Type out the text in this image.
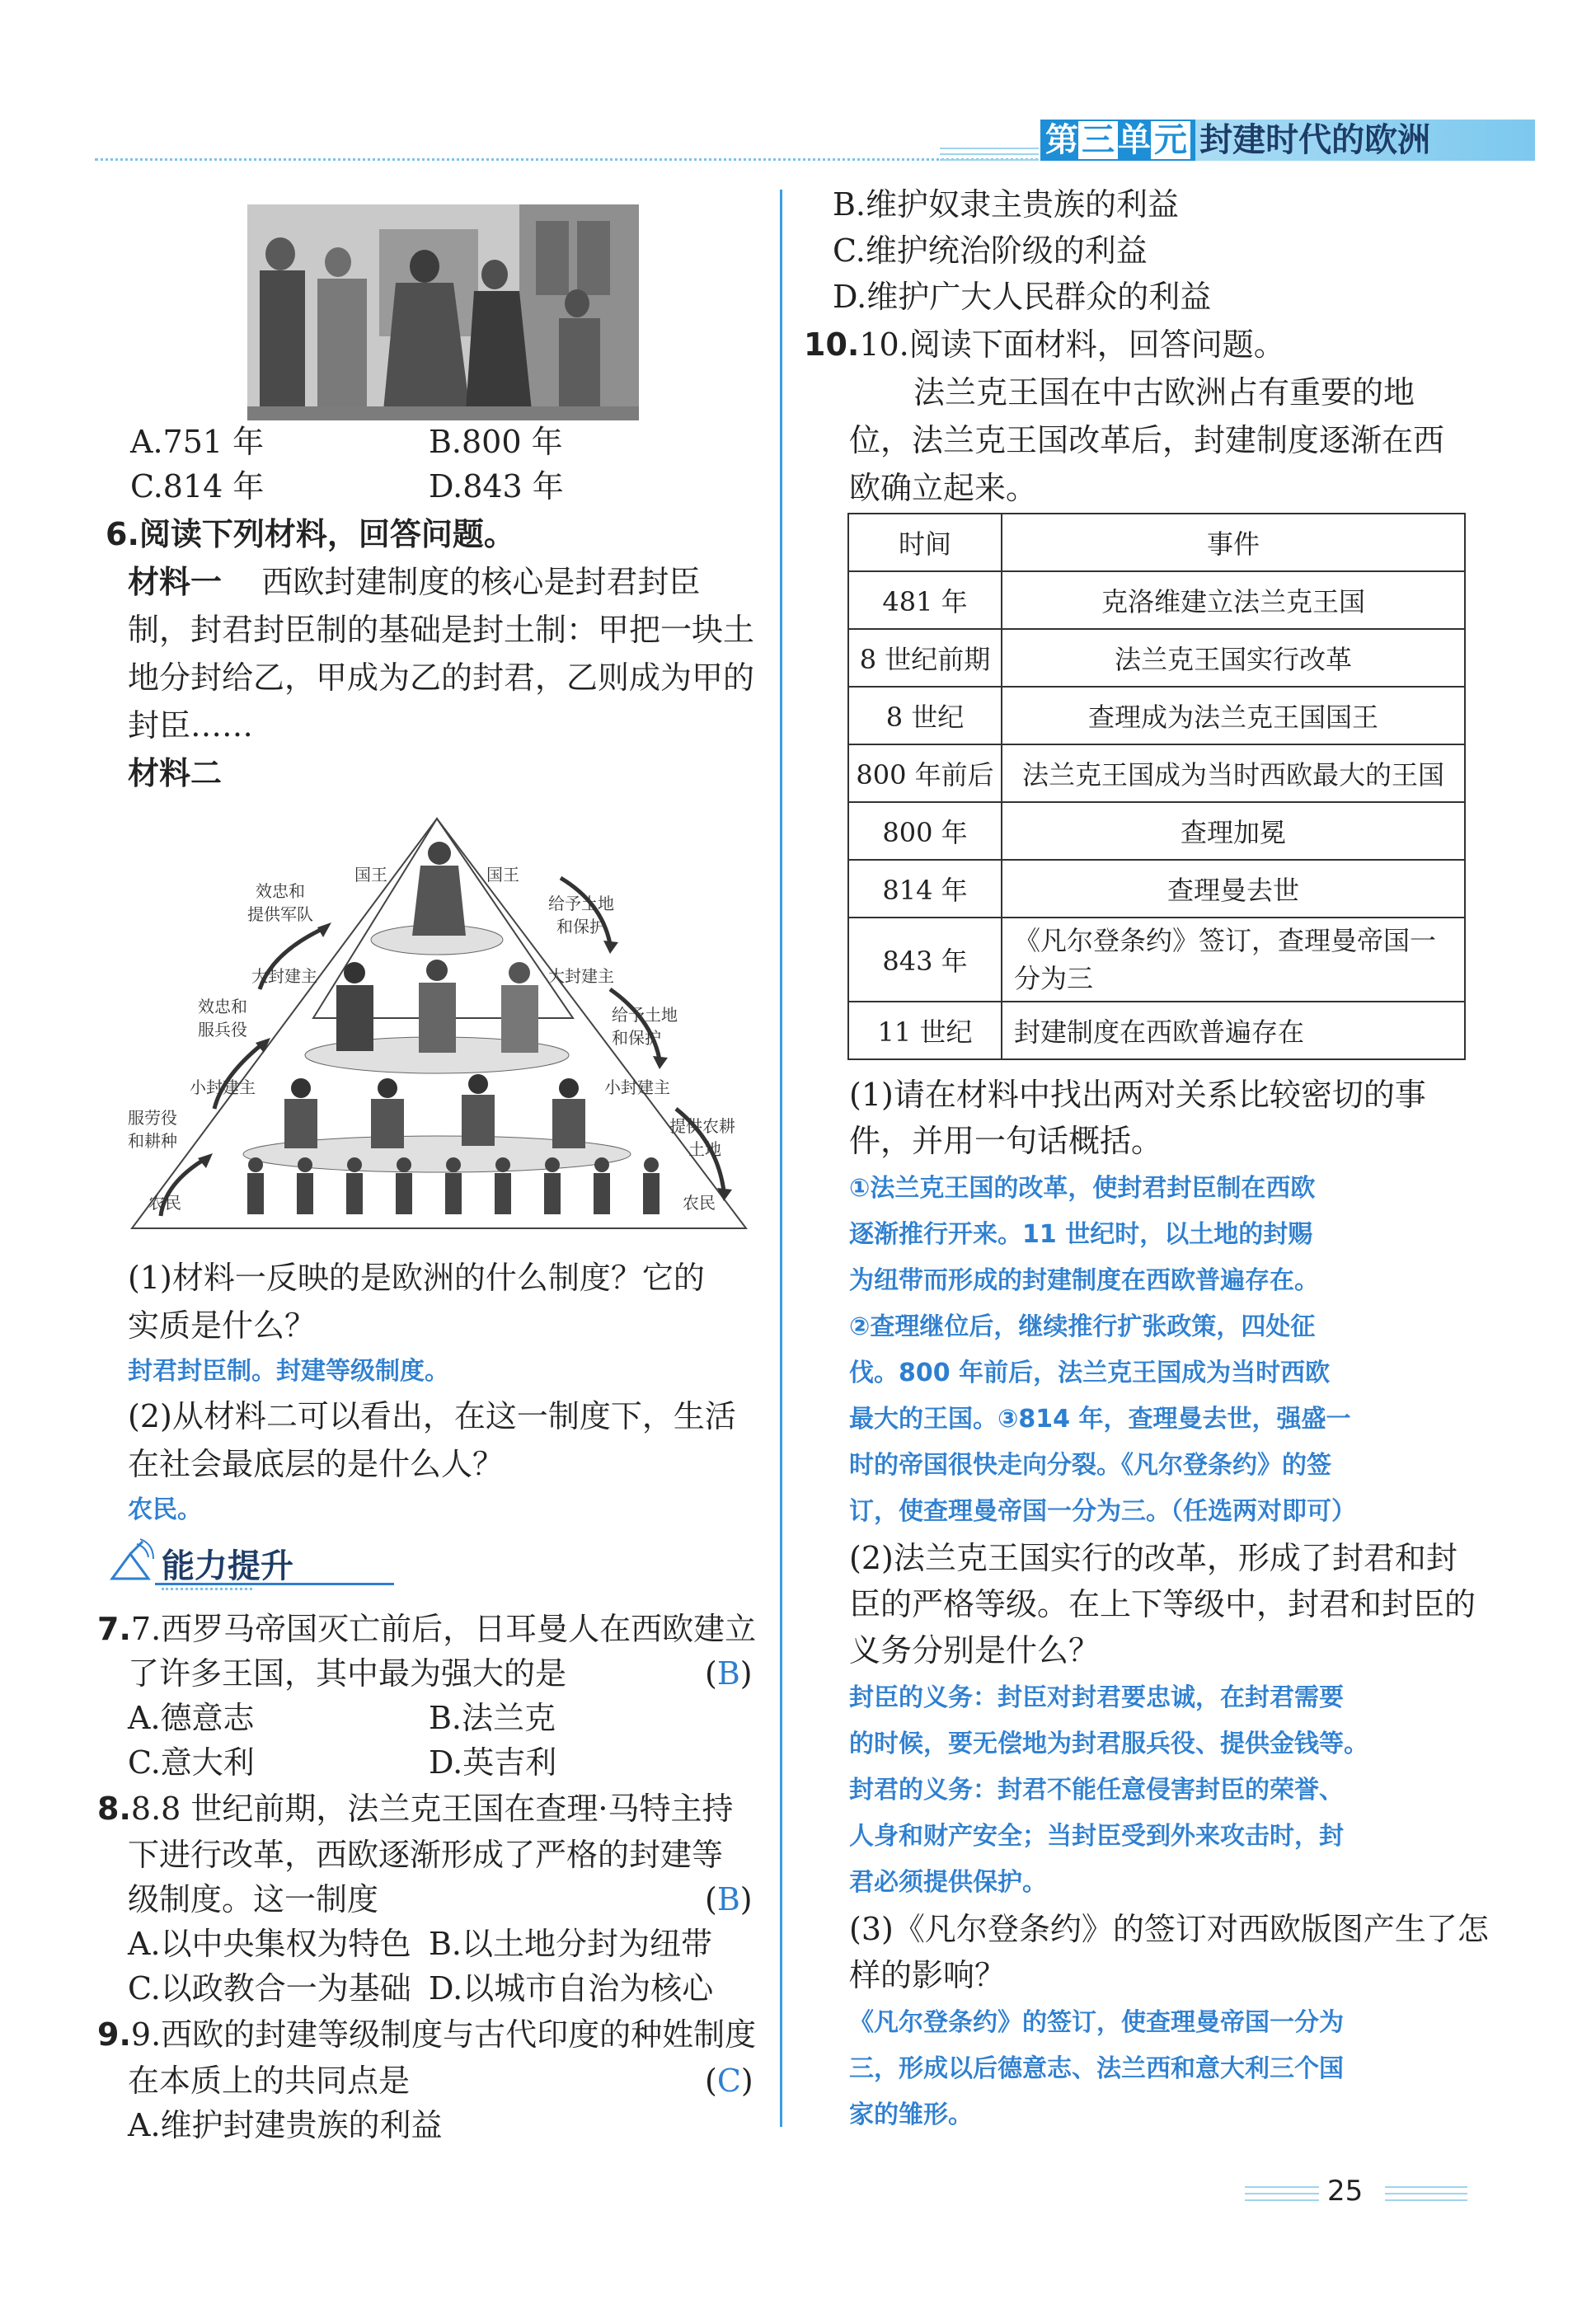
第 三 单 元 封建时代的欧洲
A.751 年	B.800 年
C.814 年	D.843 年
6.阅读下列材料，回答问题。
材料一 西欧封建制度的核心是封君封臣
制，封君封臣制的基础是封土制：甲把一块土
地分封给乙，甲成为乙的封君，乙则成为甲的
封臣……
材料二
国王	国王
效忠和
提供军队
给予土地
和保护
大封建主	大封建主
效忠和
服兵役
给予土地
和保护
小封建主	小封建主
服劳役
和耕种
提供农耕
土地
农民	农民
(1)材料一反映的是欧洲的什么制度？它的
实质是什么？
封君封臣制。封建等级制度。
(2)从材料二可以看出，在这一制度下，生活
在社会最底层的是什么人？
农民。
能力提升
7.7.西罗马帝国灭亡前后，日耳曼人在西欧建立
了许多王国，其中最为强大的是	(B)
A.德意志	B.法兰克
C.意大利	D.英吉利
8.8.8 世纪前期，法兰克王国在查理·马特主持
下进行改革，西欧逐渐形成了严格的封建等
级制度。这一制度	(B)
A.以中央集权为特色 B.以土地分封为纽带
C.以政教合一为基础 D.以城市自治为核心
9.9.西欧的封建等级制度与古代印度的种姓制度
在本质上的共同点是	(C)
A.维护封建贵族的利益
B.维护奴隶主贵族的利益
C.维护统治阶级的利益
D.维护广大人民群众的利益
10.10.阅读下面材料，回答问题。
法兰克王国在中古欧洲占有重要的地
位，法兰克王国改革后，封建制度逐渐在西
欧确立起来。
时间	事件
481 年	克洛维建立法兰克王国
8 世纪前期	法兰克王国实行改革
8 世纪	查理成为法兰克王国国王
800 年前后	法兰克王国成为当时西欧最大的王国
800 年	查理加冕
814 年	查理曼去世
843 年	《凡尔登条约》签订，查理曼帝国一
分为三
11 世纪	封建制度在西欧普遍存在
(1)请在材料中找出两对关系比较密切的事
件，并用一句话概括。
①法兰克王国的改革，使封君封臣制在西欧
逐渐推行开来。11 世纪时，以土地的封赐
为纽带而形成的封建制度在西欧普遍存在。
②查理继位后，继续推行扩张政策，四处征
伐。800 年前后，法兰克王国成为当时西欧
最大的王国。③814 年，查理曼去世，强盛一
时的帝国很快走向分裂。《凡尔登条约》的签
订，使查理曼帝国一分为三。（任选两对即可）
(2)法兰克王国实行的改革，形成了封君和封
臣的严格等级。在上下等级中，封君和封臣的
义务分别是什么？
封臣的义务：封臣对封君要忠诚，在封君需要
的时候，要无偿地为封君服兵役、提供金钱等。
封君的义务：封君不能任意侵害封臣的荣誉、
人身和财产安全；当封臣受到外来攻击时，封
君必须提供保护。
(3)《凡尔登条约》的签订对西欧版图产生了怎
样的影响？
《凡尔登条约》的签订，使查理曼帝国一分为
三，形成以后德意志、法兰西和意大利三个国
家的雏形。
25
